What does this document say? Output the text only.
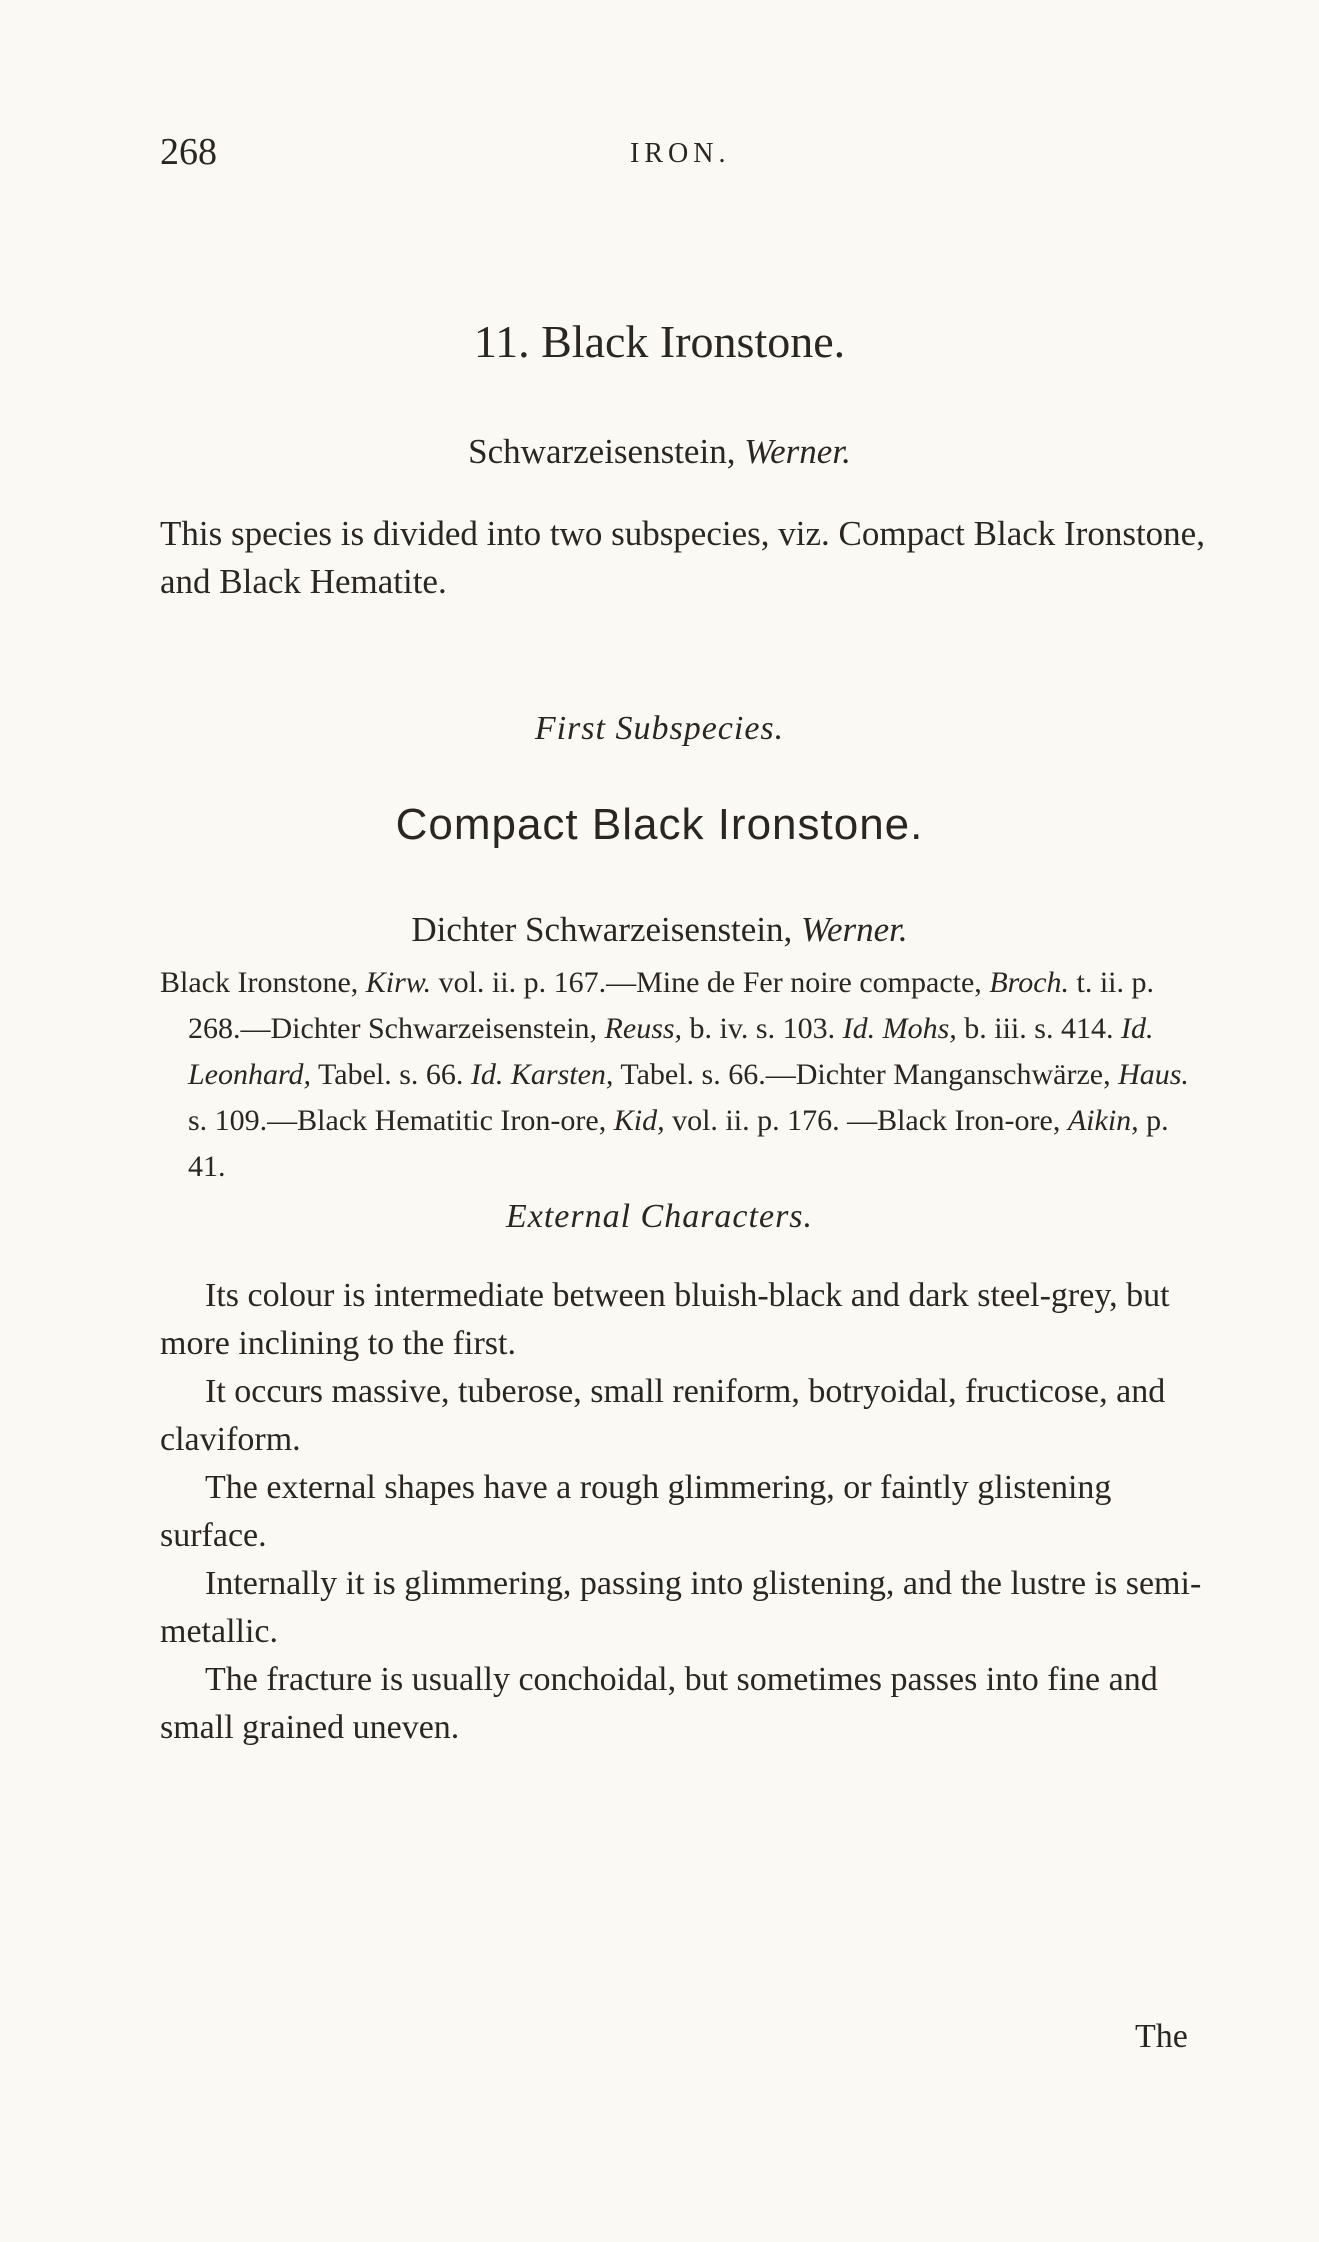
268	IRON.
11. Black Ironstone.
Schwarzeisenstein, Werner.
This species is divided into two subspecies, viz. Compact Black Ironstone, and Black Hematite.
First Subspecies.
Compact Black Ironstone.
Dichter Schwarzeisenstein, Werner.

Black Ironstone, Kirw. vol. ii. p. 167.—Mine de Fer noire compacte, Broch. t. ii. p. 268.—Dichter Schwarzeisenstein, Reuss, b. iv. s. 103. Id. Mohs, b. iii. s. 414. Id. Leonhard, Tabel. s. 66. Id. Karsten, Tabel. s. 66.—Dichter Manganschwärze, Haus. s. 109.—Black Hematitic Iron-ore, Kid, vol. ii. p. 176. —Black Iron-ore, Aikin, p. 41.

External Characters.

Its colour is intermediate between bluish-black and dark steel-grey, but more inclining to the first.

It occurs massive, tuberose, small reniform, botryoidal, fructicose, and claviform.

The external shapes have a rough glimmering, or faintly glistening surface.

Internally it is glimmering, passing into glistening, and the lustre is semi-metallic.

The fracture is usually conchoidal, but sometimes passes into fine and small grained uneven.

The
